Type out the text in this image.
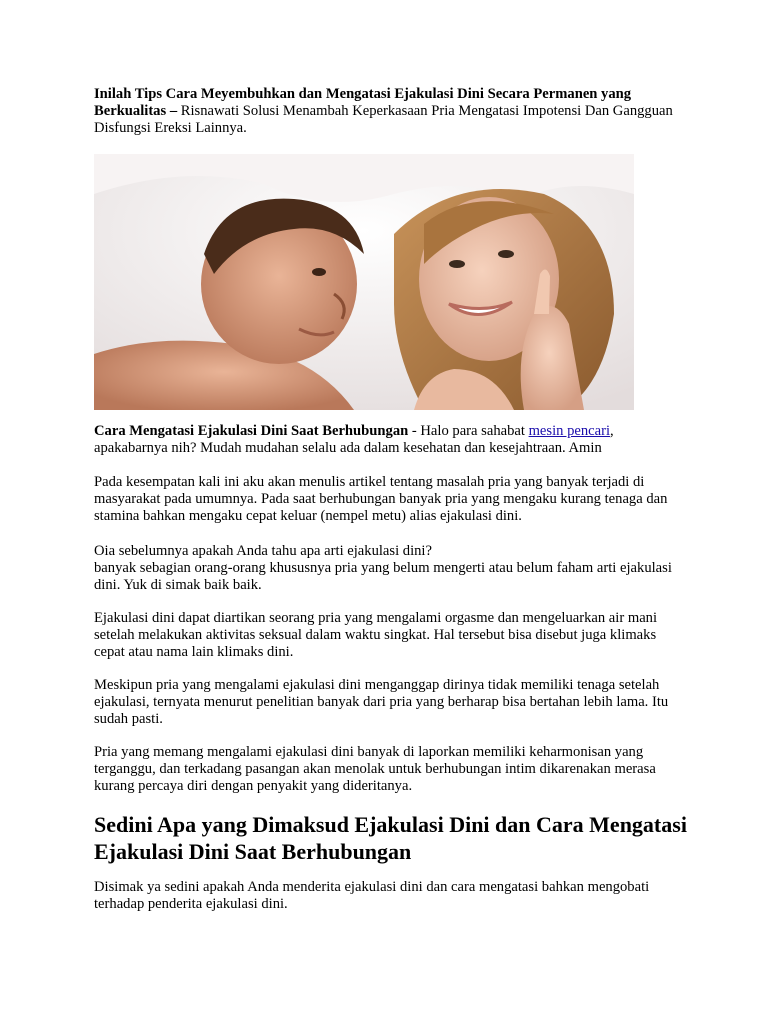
Inilah Tips Cara Meyembuhkan dan Mengatasi Ejakulasi Dini Secara Permanen yang Berkualitas – Risnawati Solusi Menambah Keperkasaan Pria Mengatasi Impotensi Dan Gangguan Disfungsi Ereksi Lainnya.

Cara Mengatasi Ejakulasi Dini Saat Berhubungan - Halo para sahabat mesin pencari, apakabarnya nih? Mudah mudahan selalu ada dalam kesehatan dan kesejahtraan. Amin

Pada kesempatan kali ini aku akan menulis artikel tentang masalah pria yang banyak terjadi di masyarakat pada umumnya. Pada saat berhubungan banyak pria yang mengaku kurang tenaga dan stamina bahkan mengaku cepat keluar (nempel metu) alias ejakulasi dini.

Oia sebelumnya apakah Anda tahu apa arti ejakulasi dini?
banyak sebagian orang-orang khususnya pria yang belum mengerti atau belum faham arti ejakulasi dini. Yuk di simak baik baik.

Ejakulasi dini dapat diartikan seorang pria yang mengalami orgasme dan mengeluarkan air mani setelah melakukan aktivitas seksual dalam waktu singkat. Hal tersebut bisa disebut juga klimaks cepat atau nama lain klimaks dini.

Meskipun pria yang mengalami ejakulasi dini menganggap dirinya tidak memiliki tenaga setelah ejakulasi, ternyata menurut penelitian banyak dari pria yang berharap bisa bertahan lebih lama. Itu sudah pasti.

Pria yang memang mengalami ejakulasi dini banyak di laporkan memiliki keharmonisan yang terganggu, dan terkadang pasangan akan menolak untuk berhubungan intim dikarenakan merasa kurang percaya diri dengan penyakit yang dideritanya.

Sedini Apa yang Dimaksud Ejakulasi Dini dan Cara Mengatasi Ejakulasi Dini Saat Berhubungan

Disimak ya sedini apakah Anda menderita ejakulasi dini dan cara mengatasi bahkan mengobati terhadap penderita ejakulasi dini.
